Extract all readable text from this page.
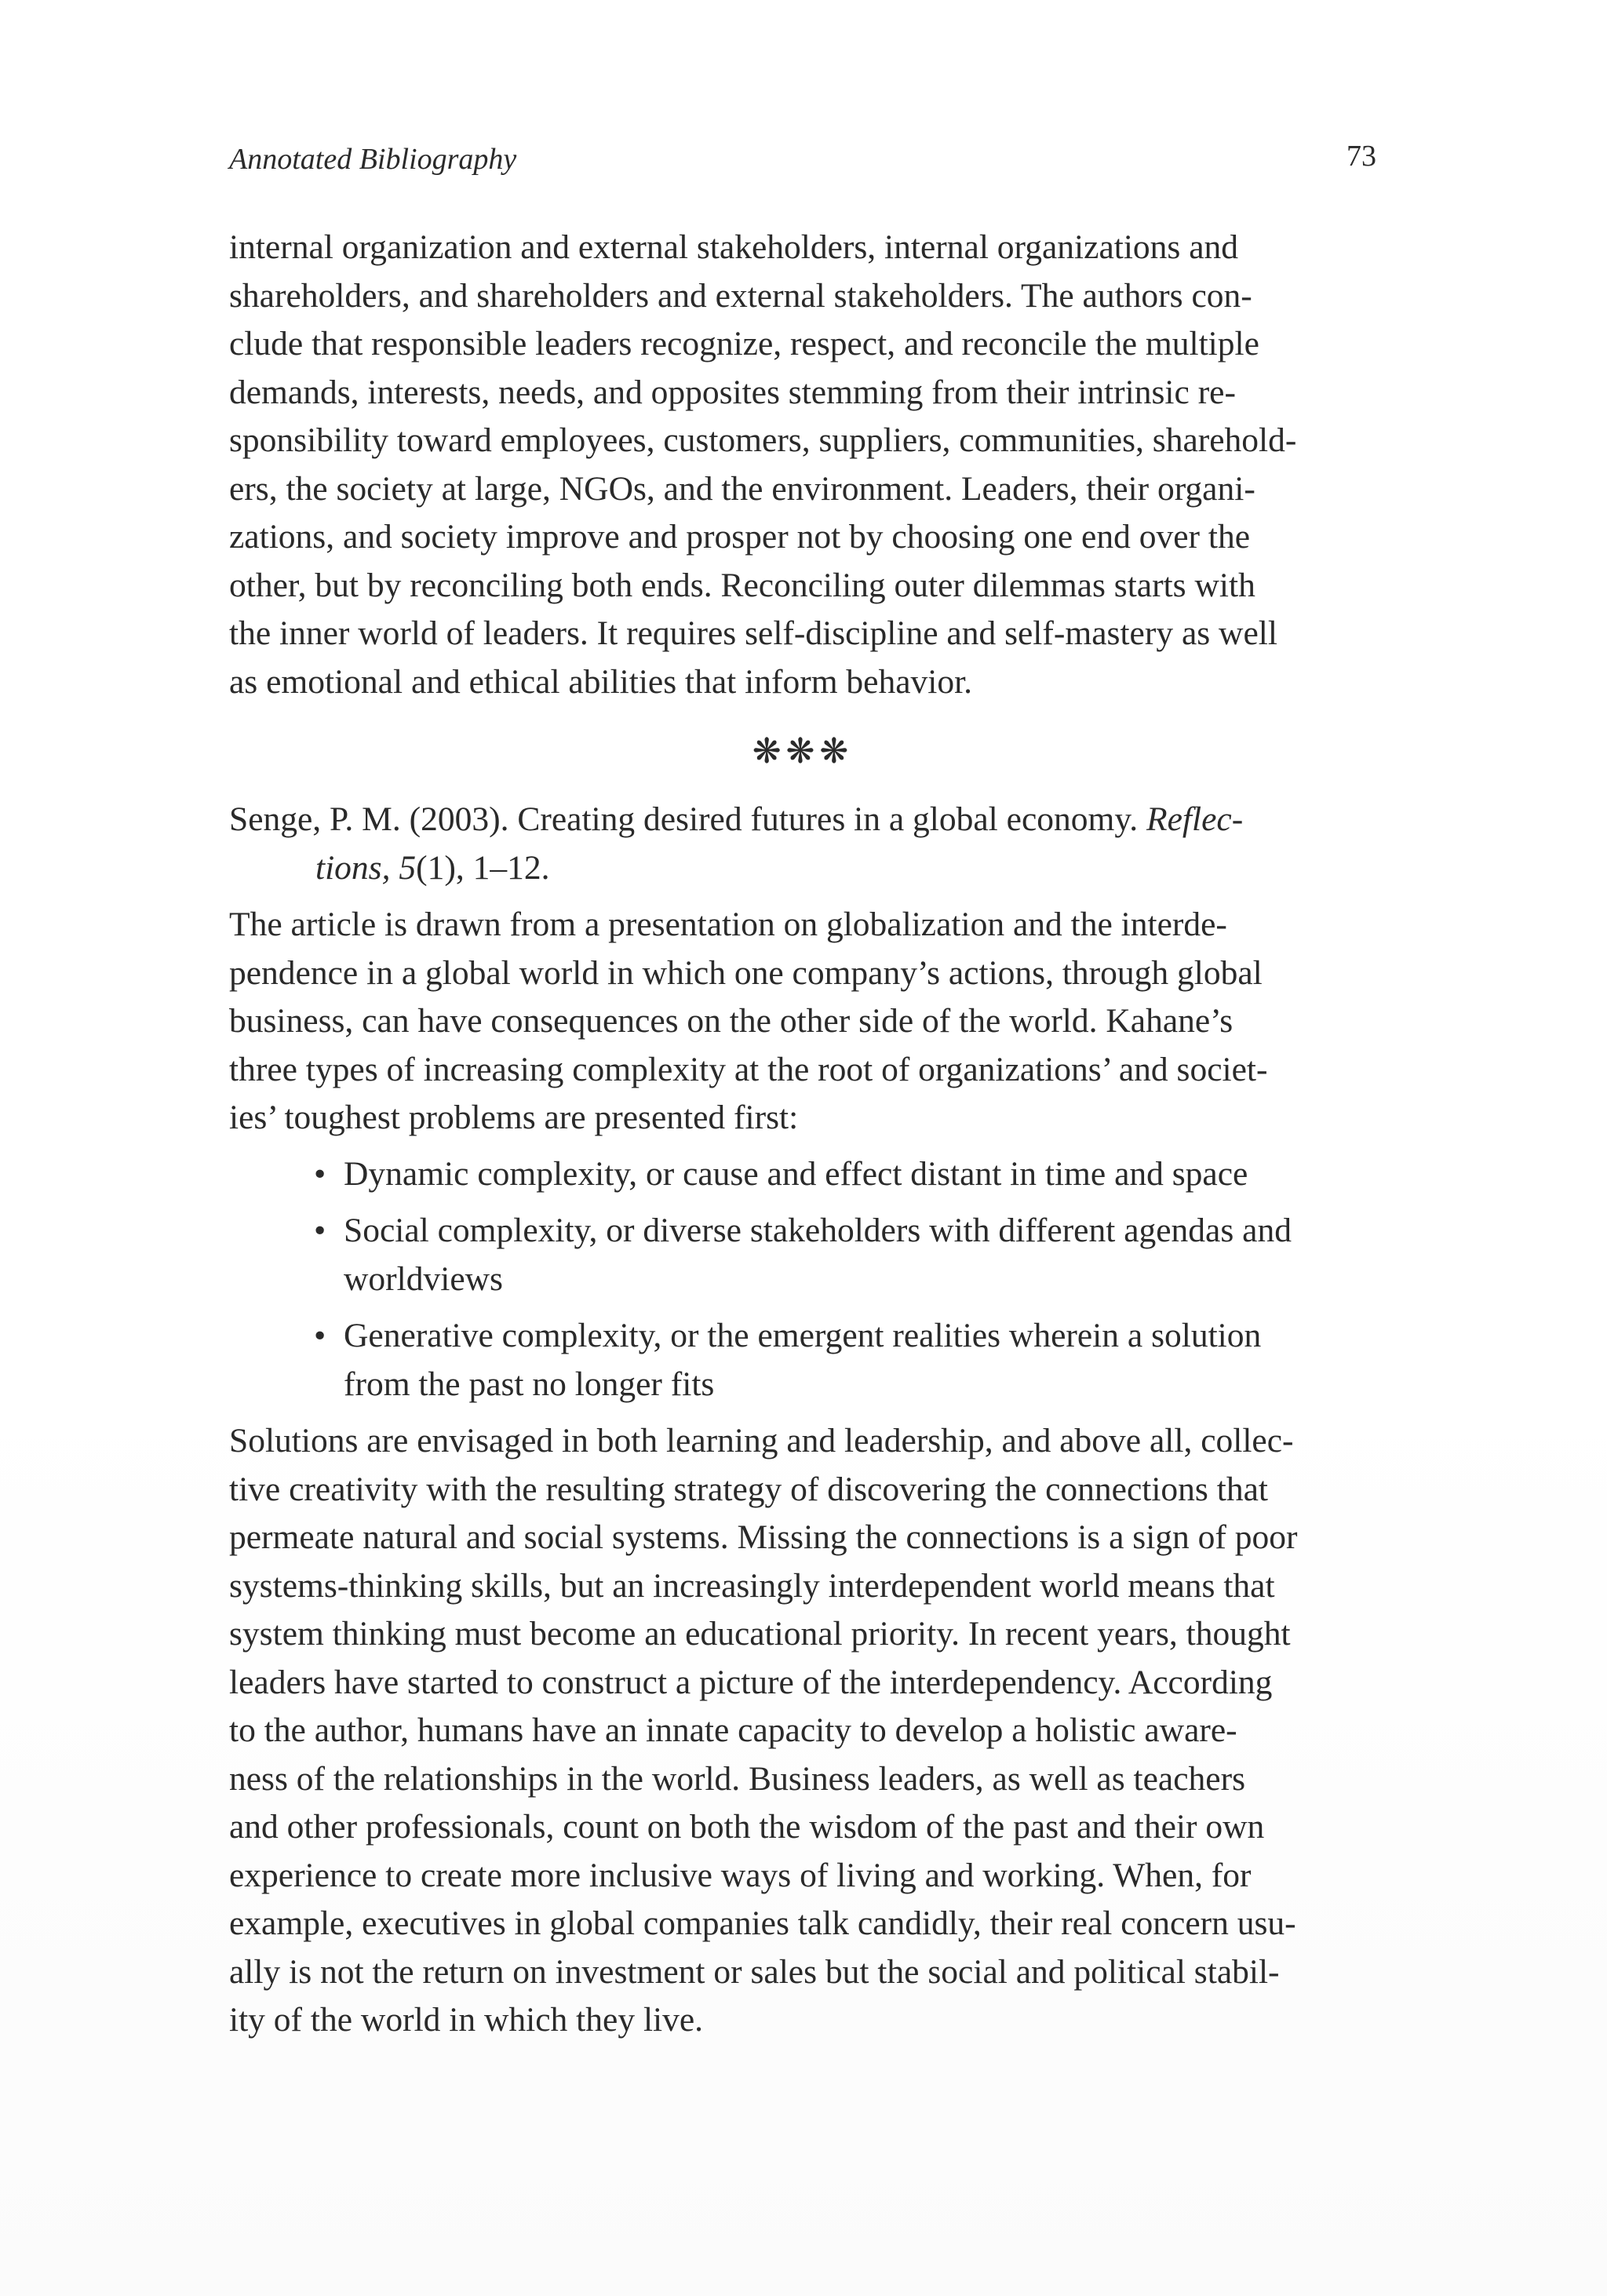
Annotated Bibliography	73

internal organization and external stakeholders, internal organizations and
shareholders, and shareholders and external stakeholders. The authors con-
clude that responsible leaders recognize, respect, and reconcile the multiple
demands, interests, needs, and opposites stemming from their intrinsic re-
sponsibility toward employees, customers, suppliers, communities, sharehold-
ers, the society at large, NGOs, and the environment. Leaders, their organi-
zations, and society improve and prosper not by choosing one end over the
other, but by reconciling both ends. Reconciling outer dilemmas starts with
the inner world of leaders. It requires self-discipline and self-mastery as well
as emotional and ethical abilities that inform behavior.

❋❋❋

Senge, P. M. (2003). Creating desired futures in a global economy. Reflec-
tions, 5(1), 1–12.

The article is drawn from a presentation on globalization and the interde-
pendence in a global world in which one company’s actions, through global
business, can have consequences on the other side of the world. Kahane’s
three types of increasing complexity at the root of organizations’ and societ-
ies’ toughest problems are presented first:

• Dynamic complexity, or cause and effect distant in time and space
• Social complexity, or diverse stakeholders with different agendas and
worldviews
• Generative complexity, or the emergent realities wherein a solution
from the past no longer fits

Solutions are envisaged in both learning and leadership, and above all, collec-
tive creativity with the resulting strategy of discovering the connections that
permeate natural and social systems. Missing the connections is a sign of poor
systems-thinking skills, but an increasingly interdependent world means that
system thinking must become an educational priority. In recent years, thought
leaders have started to construct a picture of the interdependency. According
to the author, humans have an innate capacity to develop a holistic aware-
ness of the relationships in the world. Business leaders, as well as teachers
and other professionals, count on both the wisdom of the past and their own
experience to create more inclusive ways of living and working. When, for
example, executives in global companies talk candidly, their real concern usu-
ally is not the return on investment or sales but the social and political stabil-
ity of the world in which they live.
